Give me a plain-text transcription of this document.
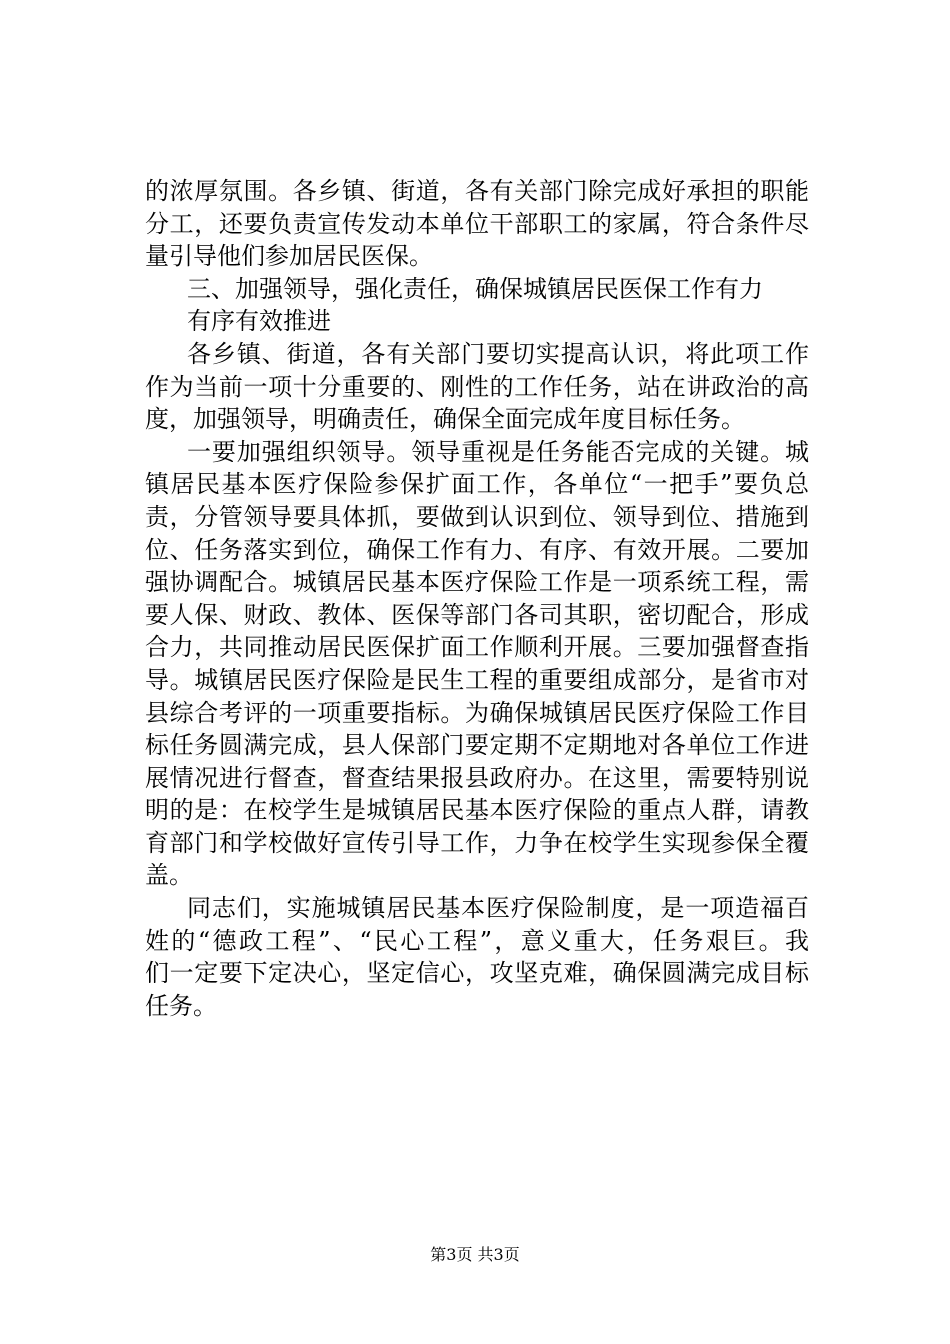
的浓厚氛围。各乡镇、街道，各有关部门除完成好承担的职能
分工，还要负责宣传发动本单位干部职工的家属，符合条件尽
量引导他们参加居民医保。
三、加强领导，强化责任，确保城镇居民医保工作有力
有序有效推进
各乡镇、街道，各有关部门要切实提高认识，将此项工作
作为当前一项十分重要的、刚性的工作任务，站在讲政治的高
度，加强领导，明确责任，确保全面完成年度目标任务。
一要加强组织领导。领导重视是任务能否完成的关键。城
镇居民基本医疗保险参保扩面工作，各单位“一把手”要负总
责，分管领导要具体抓，要做到认识到位、领导到位、措施到
位、任务落实到位，确保工作有力、有序、有效开展。二要加
强协调配合。城镇居民基本医疗保险工作是一项系统工程，需
要人保、财政、教体、医保等部门各司其职，密切配合，形成
合力，共同推动居民医保扩面工作顺利开展。三要加强督查指
导。城镇居民医疗保险是民生工程的重要组成部分，是省市对
县综合考评的一项重要指标。为确保城镇居民医疗保险工作目
标任务圆满完成，县人保部门要定期不定期地对各单位工作进
展情况进行督查，督查结果报县政府办。在这里，需要特别说
明的是：在校学生是城镇居民基本医疗保险的重点人群，请教
育部门和学校做好宣传引导工作，力争在校学生实现参保全覆
盖。
同志们，实施城镇居民基本医疗保险制度，是一项造福百
姓的“德政工程”、“民心工程”，意义重大，任务艰巨。我
们一定要下定决心，坚定信心，攻坚克难，确保圆满完成目标
任务。
第3页 共3页
